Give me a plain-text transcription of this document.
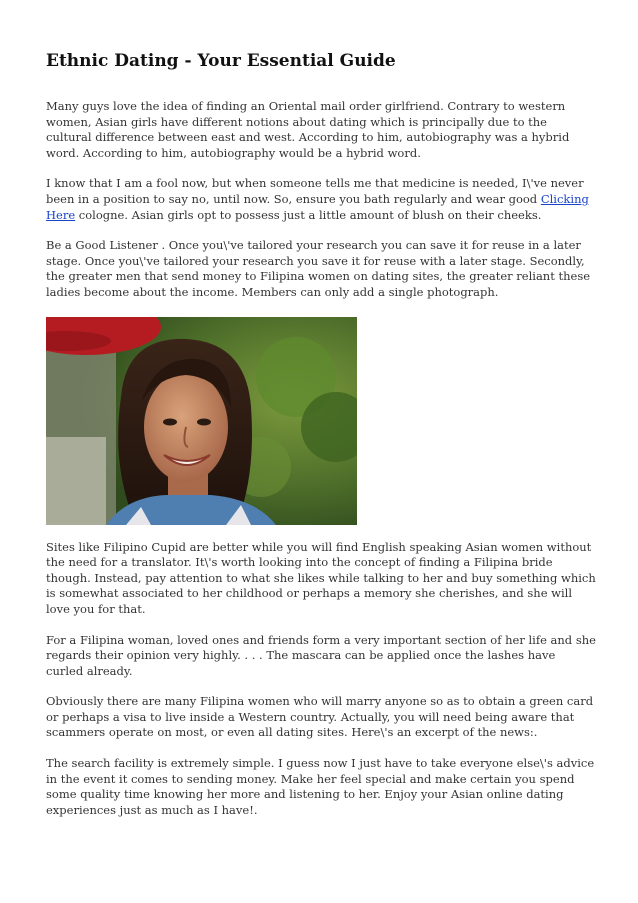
Ethnic Dating - Your Essential Guide

Many guys love the idea of finding an Oriental mail order girlfriend. Contrary to western women, Asian girls have different notions about dating which is principally due to the cultural difference between east and west. According to him, autobiography was a hybrid word. According to him, autobiography would be a hybrid word.

I know that I am a fool now, but when someone tells me that medicine is needed, I\'ve never been in a position to say no, until now. So, ensure you bath regularly and wear good Clicking Here cologne. Asian girls opt to possess just a little amount of blush on their cheeks.

Be a Good Listener . Once you\'ve tailored your research you can save it for reuse in a later stage. Once you\'ve tailored your research you save it for reuse with a later stage. Secondly, the greater men that send money to Filipina women on dating sites, the greater reliant these ladies become about the income. Members can only add a single photograph.

Sites like Filipino Cupid are better while you will find English speaking Asian women without the need for a translator. It\'s worth looking into the concept of finding a Filipina bride though. Instead, pay attention to what she likes while talking to her and buy something which is somewhat associated to her childhood or perhaps a memory she cherishes, and she will love you for that.

For a Filipina woman, loved ones and friends form a very important section of her life and she regards their opinion very highly. . . . The mascara can be applied once the lashes have curled already.

Obviously there are many Filipina women who will marry anyone so as to obtain a green card or perhaps a visa to live inside a Western country. Actually, you will need being aware that scammers operate on most, or even all dating sites. Here\'s an excerpt of the news:.

The search facility is extremely simple. I guess now I just have to take everyone else\'s advice in the event it comes to sending money. Make her feel special and make certain you spend some quality time knowing her more and listening to her. Enjoy your Asian online dating experiences just as much as I have!.
